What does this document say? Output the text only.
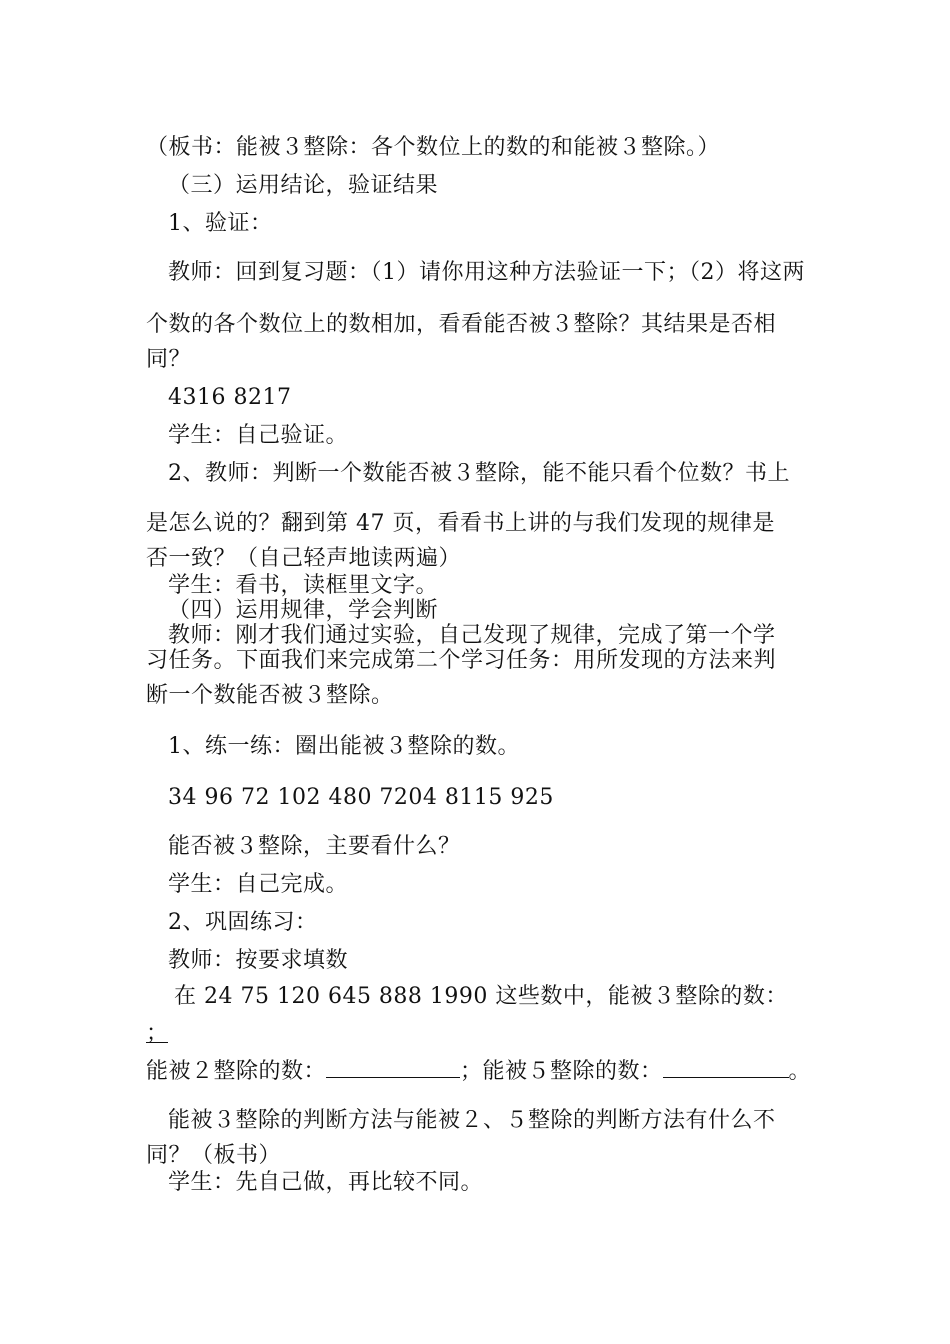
（板书：能被３整除：各个数位上的数的和能被３整除。）
（三）运用结论，验证结果
1、验证：
教师：回到复习题：（1）请你用这种方法验证一下；（2）将这两
个数的各个数位上的数相加，看看能否被３整除？其结果是否相
同？
4316 8217
学生：自己验证。
2、教师：判断一个数能否被３整除，能不能只看个位数？书上
是怎么说的？翻到第 47 页，看看书上讲的与我们发现的规律是
否一致？（自己轻声地读两遍）
学生：看书，读框里文字。
（四）运用规律，学会判断
教师：刚才我们通过实验，自己发现了规律，完成了第一个学
习任务。下面我们来完成第二个学习任务：用所发现的方法来判
断一个数能否被３整除。
1、练一练：圈出能被３整除的数。
34 96 72 102 480 7204 8115 925
能否被３整除，主要看什么？
学生：自己完成。
2、巩固练习：
教师：按要求填数
在 24 75 120 645 888 1990 这些数中，能被３整除的数：
；
能被２整除的数：	；能被５整除的数：	。
能被３整除的判断方法与能被２、５整除的判断方法有什么不
同？（板书）
学生：先自己做，再比较不同。
